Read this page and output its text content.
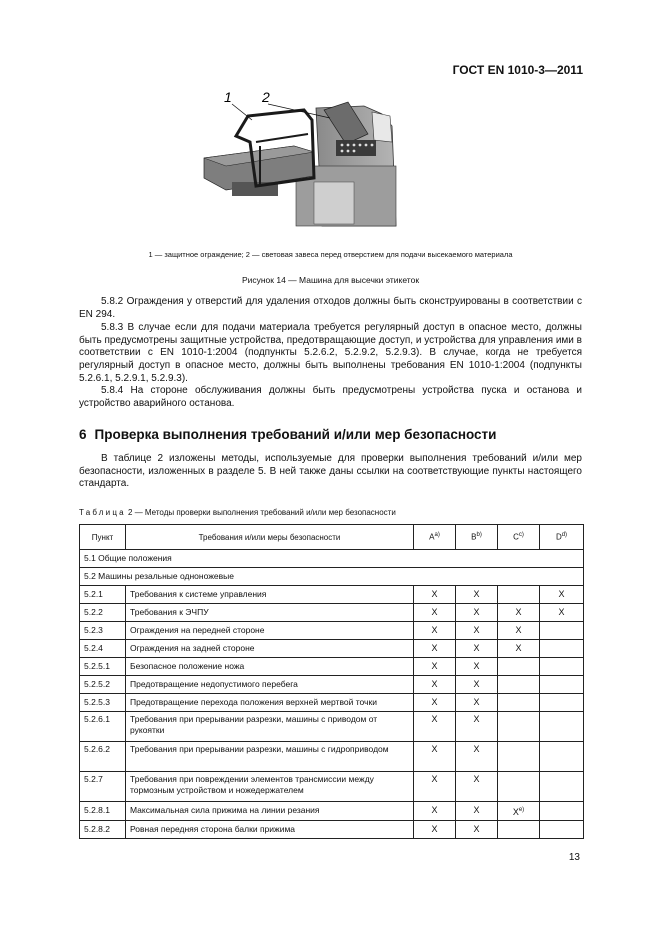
ГОСТ EN 1010-3—2011
1 2
1 — защитное ограждение; 2 — световая завеса перед отверстием для подачи высекаемого материала
Рисунок 14 — Машина для высечки этикеток
5.8.2 Ограждения у отверстий для удаления отходов должны быть сконструированы в соответствии с EN 294.
5.8.3 В случае если для подачи материала требуется регулярный доступ в опасное место, должны быть предусмотрены защитные устройства, предотвращающие доступ, и устройства для управления ими в соответствии с EN 1010-1:2004 (подпункты 5.2.6.2, 5.2.9.2, 5.2.9.3). В случае, когда не требуется регулярный доступ в опасное место, должны быть выполнены требования EN 1010-1:2004 (подпункты 5.2.6.1, 5.2.9.1, 5.2.9.3).
5.8.4 На стороне обслуживания должны быть предусмотрены устройства пуска и останова и устройство аварийного останова.
6 Проверка выполнения требований и/или мер безопасности
В таблице 2 изложены методы, используемые для проверки выполнения требований и/или мер безопасности, изложенных в разделе 5. В ней также даны ссылки на соответствующие пункты настоящего стандарта.
Таблица 2 — Методы проверки выполнения требований и/или мер безопасности
Пункт	Требования и/или меры безопасности	$A^{a)}$	$B^{b)}$	$C^{c)}$	$D^{d)}$
5.1 Общие положения					
5.2 Машины резальные одноножевые					
5.2.1	Требования к системе управления	X	X		X
5.2.2	Требования к ЭЧПУ	X	X	X	X
5.2.3	Ограждения на передней стороне	X	X	X	
5.2.4	Ограждения на задней стороне	X	X	X	
5.2.5.1	Безопасное положение ножа	X	X		
5.2.5.2	Предотвращение недопустимого перебега	X	X		
5.2.5.3	Предотвращение перехода положения верхней мертвой точки	X	X		
5.2.6.1	Требования при прерывании разрезки, машины с приводом от рукоятки	X	X		
5.2.6.2	Требования при прерывании разрезки, машины с гидроприводом	X	X		
5.2.7	Требования при повреждении элементов трансмиссии между тормозным устройством и ножедержателем	X	X		
5.2.8.1	Максимальная сила прижима на линии резания	X	X	$X^{e)}$	
5.2.8.2	Ровная передняя сторона балки прижима	X	X		
13
